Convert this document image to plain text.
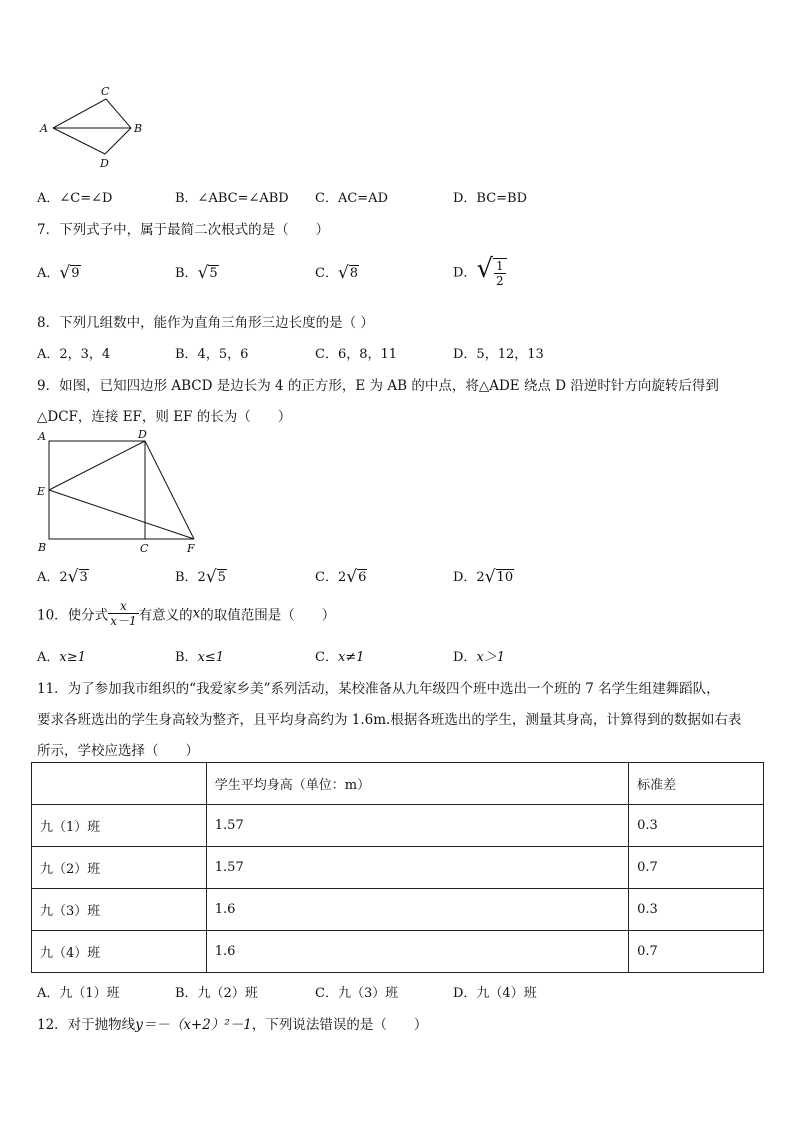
A
C
B
D
A．∠C=∠D	B．∠ABC=∠ABD C．AC=AD	D．BC=BD
7．下列式子中，属于最简二次根式的是（　　）
A．√9	B．√5	C．√8	D．√ $\frac{1}{2}$
8．下列几组数中，能作为直角三角形三边长度的是（ ）
A．2，3，4	B．4，5，6	C．6，8，11	D．5，12，13
9．如图，已知四边形 ABCD 是边长为 4 的正方形，E 为 AB 的中点，将△ADE 绕点 D 沿逆时针方向旋转后得到
△DCF，连接 EF，则 EF 的长为（　　）
A	D
E
B	C	F
A．2√3	B．2√5	C．2√6	D．2√10
10．使分式 $\frac{x}{x-1}$ 有意义的x的取值范围是（　　）
A．x≥1	B．x≤1	C．x≠1	D．x＞1
11．为了参加我市组织的“我爱家乡美”系列活动，某校准备从九年级四个班中选出一个班的 7 名学生组建舞蹈队，
要求各班选出的学生身高较为整齐，且平均身高约为 1.6m.根据各班选出的学生，测量其身高，计算得到的数据如右表
所示，学校应选择（　　）
	学生平均身高（单位：m）	标准差
九（1）班	1.57	0.3
九（2）班	1.57	0.7
九（3）班	1.6	0.3
九（4）班	1.6	0.7
A．九（1）班	B．九（2）班	C．九（3）班	D．九（4）班
12．对于抛物线y＝－（x+2）²－1，下列说法错误的是（　　）
